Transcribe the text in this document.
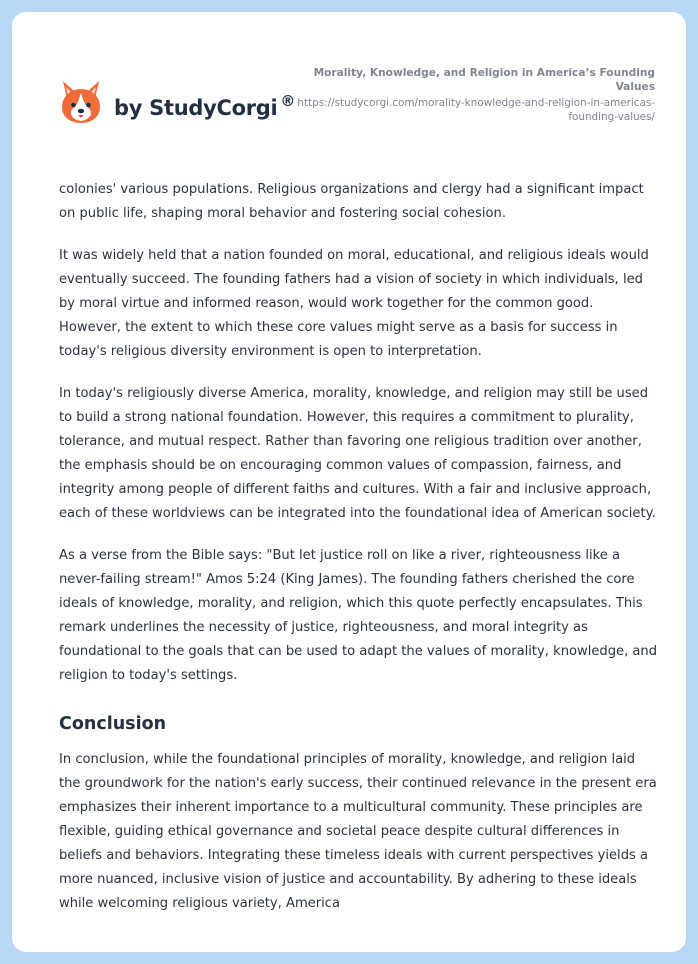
by StudyCorgi ®
Morality, Knowledge, and Religion in America’s Founding Values
https://studycorgi.com/morality-knowledge-and-religion-in-americas-founding-values/

colonies' various populations. Religious organizations and clergy had a significant impact on public life, shaping moral behavior and fostering social cohesion.

It was widely held that a nation founded on moral, educational, and religious ideals would eventually succeed. The founding fathers had a vision of society in which individuals, led by moral virtue and informed reason, would work together for the common good. However, the extent to which these core values might serve as a basis for success in today's religious diversity environment is open to interpretation.

In today's religiously diverse America, morality, knowledge, and religion may still be used to build a strong national foundation. However, this requires a commitment to plurality, tolerance, and mutual respect. Rather than favoring one religious tradition over another, the emphasis should be on encouraging common values of compassion, fairness, and integrity among people of different faiths and cultures. With a fair and inclusive approach, each of these worldviews can be integrated into the foundational idea of American society.

As a verse from the Bible says: "But let justice roll on like a river, righteousness like a never-failing stream!" Amos 5:24 (King James). The founding fathers cherished the core ideals of knowledge, morality, and religion, which this quote perfectly encapsulates. This remark underlines the necessity of justice, righteousness, and moral integrity as foundational to the goals that can be used to adapt the values of morality, knowledge, and religion to today's settings.

Conclusion

In conclusion, while the foundational principles of morality, knowledge, and religion laid the groundwork for the nation's early success, their continued relevance in the present era emphasizes their inherent importance to a multicultural community. These principles are flexible, guiding ethical governance and societal peace despite cultural differences in beliefs and behaviors. Integrating these timeless ideals with current perspectives yields a more nuanced, inclusive vision of justice and accountability. By adhering to these ideals while welcoming religious variety, America
